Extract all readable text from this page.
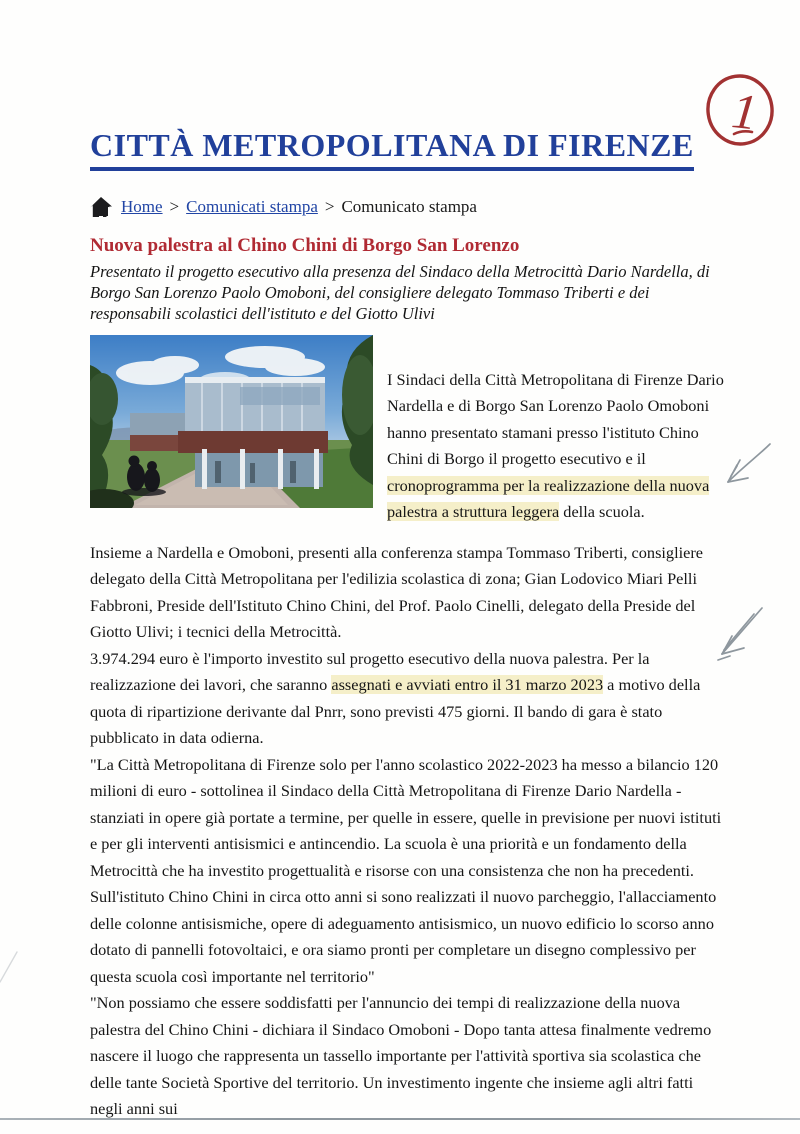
CITTÀ METROPOLITANA DI FIRENZE
Home > Comunicati stampa > Comunicato stampa
Nuova palestra al Chino Chini di Borgo San Lorenzo
Presentato il progetto esecutivo alla presenza del Sindaco della Metrocittà Dario Nardella, di Borgo San Lorenzo Paolo Omoboni, del consigliere delegato Tommaso Triberti e dei responsabili scolastici dell'istituto e del Giotto Ulivi
I Sindaci della Città Metropolitana di Firenze Dario Nardella e di Borgo San Lorenzo Paolo Omoboni hanno presentato stamani presso l'istituto Chino Chini di Borgo il progetto esecutivo e il cronoprogramma per la realizzazione della nuova palestra a struttura leggera della scuola.

Insieme a Nardella e Omoboni, presenti alla conferenza stampa Tommaso Triberti, consigliere delegato della Città Metropolitana per l'edilizia scolastica di zona; Gian Lodovico Miari Pelli Fabbroni, Preside dell'Istituto Chino Chini, del Prof. Paolo Cinelli, delegato della Preside del Giotto Ulivi; i tecnici della Metrocittà.

3.974.294 euro è l'importo investito sul progetto esecutivo della nuova palestra. Per la realizzazione dei lavori, che saranno assegnati e avviati entro il 31 marzo 2023 a motivo della quota di ripartizione derivante dal Pnrr, sono previsti 475 giorni. Il bando di gara è stato pubblicato in data odierna.

"La Città Metropolitana di Firenze solo per l'anno scolastico 2022-2023 ha messo a bilancio 120 milioni di euro - sottolinea il Sindaco della Città Metropolitana di Firenze Dario Nardella - stanziati in opere già portate a termine, per quelle in essere, quelle in previsione per nuovi istituti e per gli interventi antisismici e antincendio. La scuola è una priorità e un fondamento della Metrocittà che ha investito progettualità e risorse con una consistenza che non ha precedenti. Sull'istituto Chino Chini in circa otto anni si sono realizzati il nuovo parcheggio, l'allacciamento delle colonne antisismiche, opere di adeguamento antisismico, un nuovo edificio lo scorso anno dotato di pannelli fotovoltaici, e ora siamo pronti per completare un disegno complessivo per questa scuola così importante nel territorio"

"Non possiamo che essere soddisfatti per l'annuncio dei tempi di realizzazione della nuova palestra del Chino Chini - dichiara il Sindaco Omoboni - Dopo tanta attesa finalmente vedremo nascere il luogo che rappresenta un tassello importante per l'attività sportiva sia scolastica che delle tante Società Sportive del territorio. Un investimento ingente che insieme agli altri fatti negli anni sui

1
